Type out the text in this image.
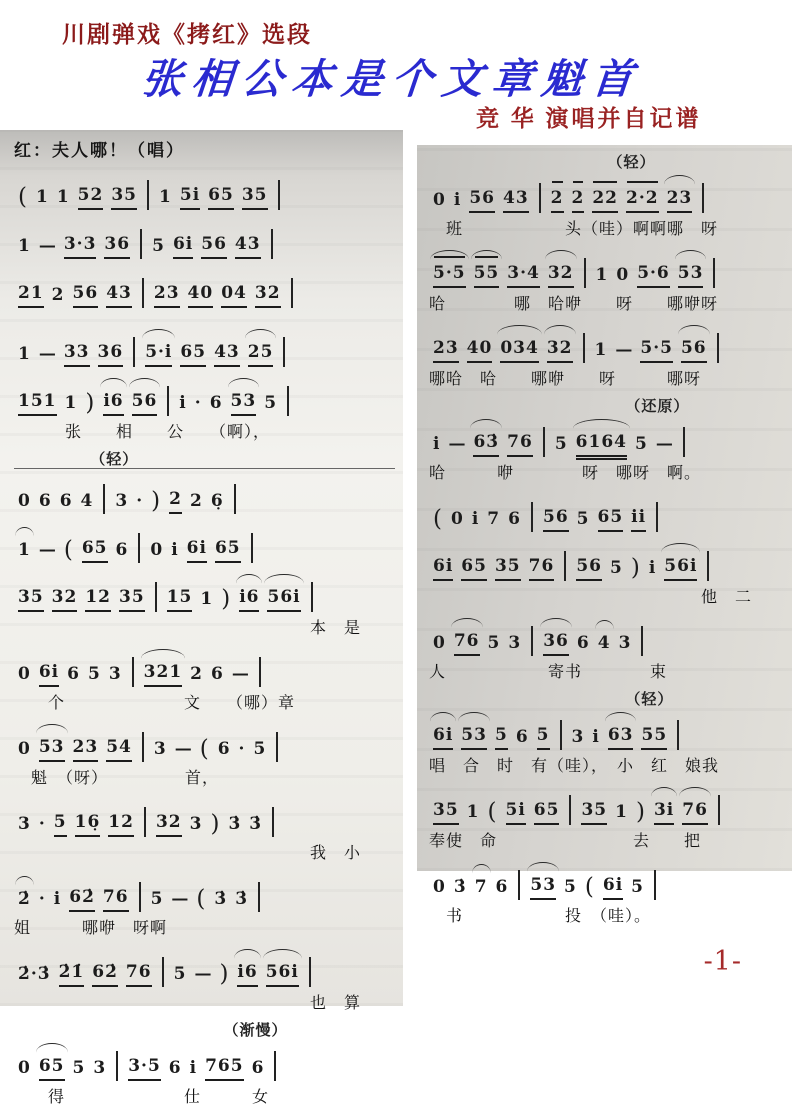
川剧弹戏《拷红》选段
张相公本是个文章魁首
竞 华 演唱并自记谱
红：夫人哪！（唱）
( 1 1 52 35 1 5i 65 35
1 — 3·3 36 5 6i 56 43
21 2 56 43 23 40 04 32
1 — 33 36 5·i 65 43 25
151 1 ) i6 56 i · 6 53 5
　　　张　　相　　公　　（啊），
（轻）
0 6 6 4 3 · ) 2 2 6̣
1 — ( 65 6 0 i 6i 65
35 32 12 35 15 1 ) i6 56i
本　是
0 6i 6 5 3 321 2 6 —
　　个　　　　　　　文　　（哪）章
0 53 23 54 3 — ( 6 · 5
　魁　（呀）　　　　　首，
3 · 5 16̣ 12 32 3 ) 3̇ 3̇
我　小
2̇ · i 62̇ 76 5 — ( 3̇ 3̇
姐　　　哪咿　呀啊
2̇·3̇ 2̇1̇ 62̇ 76 5 — ) i6 56i
也　算
（渐慢）
0 65 5 3 3·5 6 i 765 6
　　得　　　　　　　仕　　　女
（轻）
0 i 56 43 2 2 22 2·2 23
　班　　　　　　头（哇）啊啊哪　呀
5·5 55 3·4 32 1 0 5·6 53
哈　　　　哪　哈咿　　呀　　哪咿呀
23 40 034 32 1 — 5·5 56
哪哈　哈　　哪咿　　呀　　　哪呀
（还原）
i — 63̇ 76 5 6164 5 —
哈　　　咿　　　　呀　哪呀　啊。
( 0 i 7 6 56 5 65 ii
6i 65 35 76 56 5 ) i 56i
他　二
0 76 5 3 36 6 4 3
人　　　　　　寄书　　　　束
（轻）
6i 53 5 6 5 3 i 63 55
唱　合　时　有（哇），　小　红　娘我
35 1 ( 5i 65 35 1 ) 3i 76
奉使　命　　　　　　　　去　　把
0 3̇ 7 6 53 5 ( 6i 5
　书　　　　　　投　（哇）。
-1-
